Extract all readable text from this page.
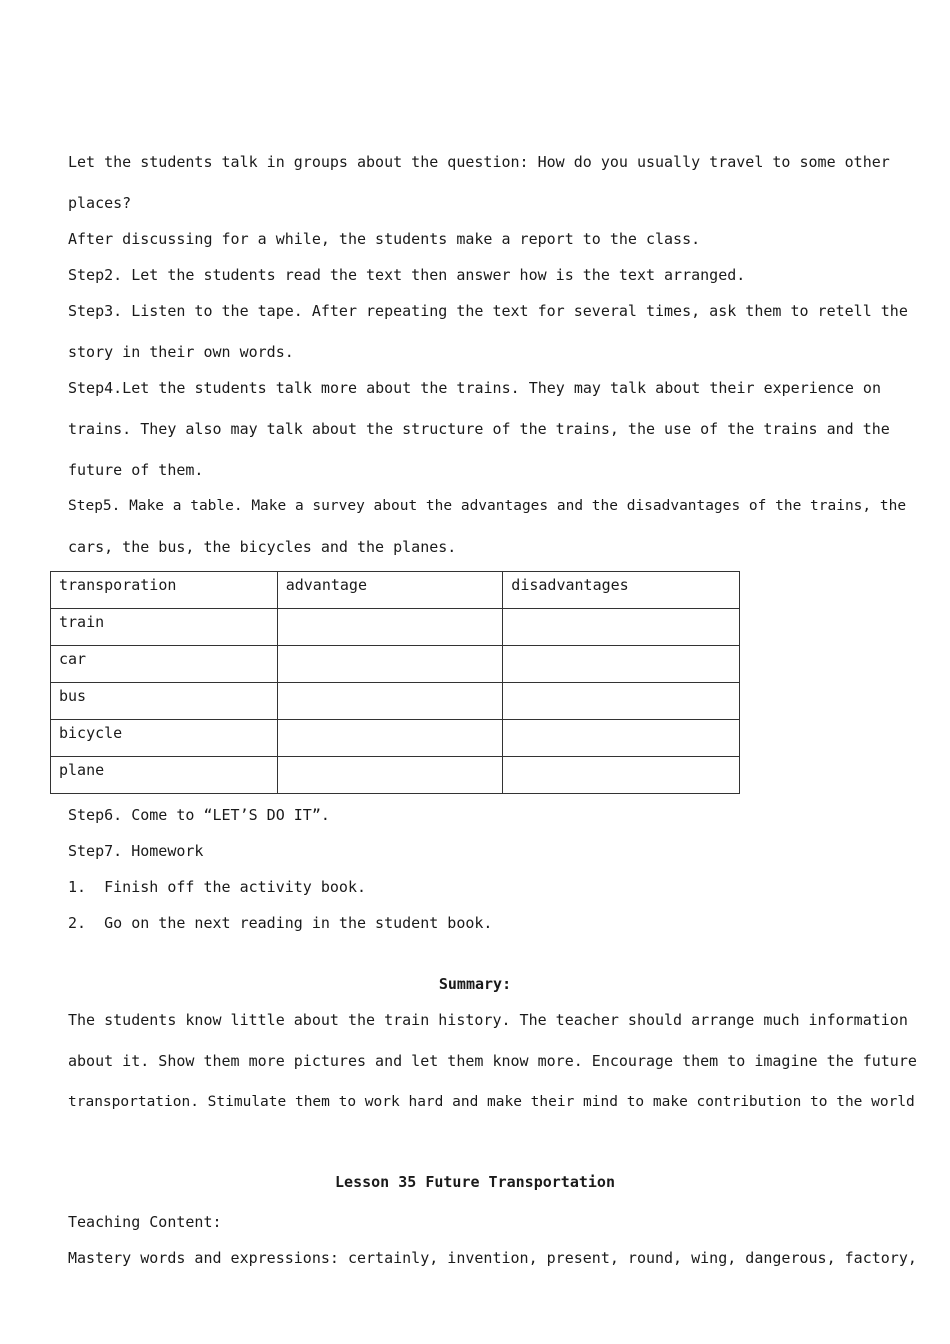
Let the students talk in groups about the question: How do you usually travel to some other
places?
After discussing for a while, the students make a report to the class.
Step2. Let the students read the text then answer how is the text arranged.
Step3. Listen to the tape. After repeating the text for several times, ask them to retell the
story in their own words.
Step4.Let the students talk more about the trains. They may talk about their experience on
trains. They also may talk about the structure of the trains, the use of the trains and the
future of them.
Step5. Make a table. Make a survey about the advantages and the disadvantages of the trains, the
cars, the bus, the bicycles and the planes.
transporation	advantage	disadvantages
train		
car		
bus		
bicycle		
plane		
Step6. Come to “LET’S DO IT”.
Step7. Homework
1.  Finish off the activity book.
2.  Go on the next reading in the student book.
Summary:
The students know little about the train history. The teacher should arrange much information
about it. Show them more pictures and let them know more. Encourage them to imagine the future
transportation. Stimulate them to work hard and make their mind to make contribution to the world
Lesson 35 Future Transportation
Teaching Content:
Mastery words and expressions: certainly, invention, present, round, wing, dangerous, factory,
